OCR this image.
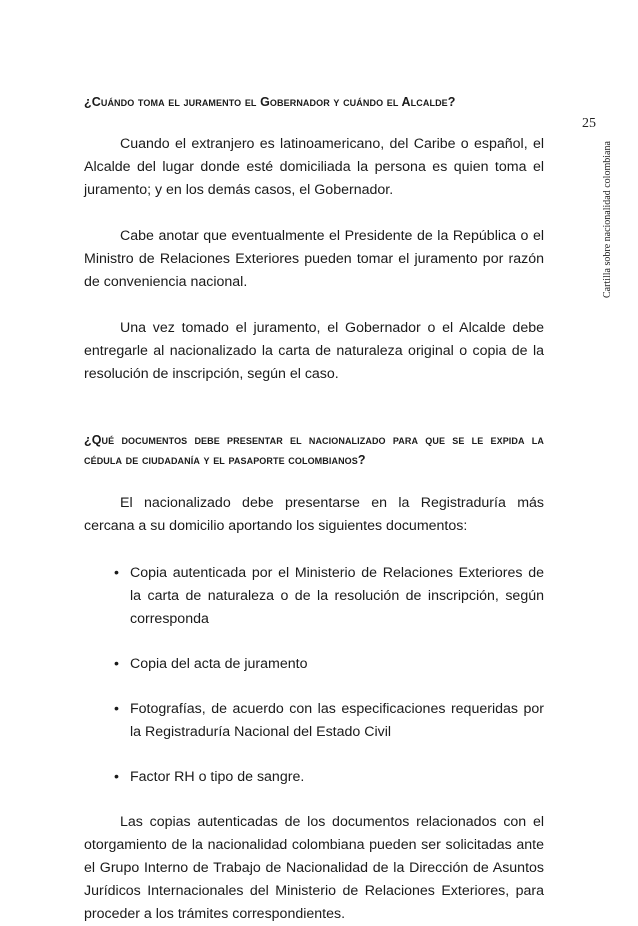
25
Cartilla sobre nacionalidad colombiana
¿Cuándo toma el juramento el Gobernador y cuándo el Alcalde?

Cuando el extranjero es latinoamericano, del Caribe o español, el Alcalde del lugar donde esté domiciliada la persona es quien toma el juramento; y en los demás casos, el Gobernador.

Cabe anotar que eventualmente el Presidente de la República o el Ministro de Relaciones Exteriores pueden tomar el juramento por razón de conveniencia nacional.

Una vez tomado el juramento, el Gobernador o el Alcalde debe entregarle al nacionalizado la carta de naturaleza original o copia de la resolución de inscripción, según el caso.

¿Qué documentos debe presentar el nacionalizado para que se le expida la cédula de ciudadanía y el pasaporte colombianos?

El nacionalizado debe presentarse en la Registraduría más cercana a su domicilio aportando los siguientes documentos:

• Copia autenticada por el Ministerio de Relaciones Exteriores de la carta de naturaleza o de la resolución de inscripción, según corresponda
• Copia del acta de juramento
• Fotografías, de acuerdo con las especificaciones requeridas por la Registraduría Nacional del Estado Civil
• Factor RH o tipo de sangre.

Las copias autenticadas de los documentos relacionados con el otorgamiento de la nacionalidad colombiana pueden ser solicitadas ante el Grupo Interno de Trabajo de Nacionalidad de la Dirección de Asuntos Jurídicos Internacionales del Ministerio de Relaciones Exteriores, para proceder a los trámites correspondientes.
